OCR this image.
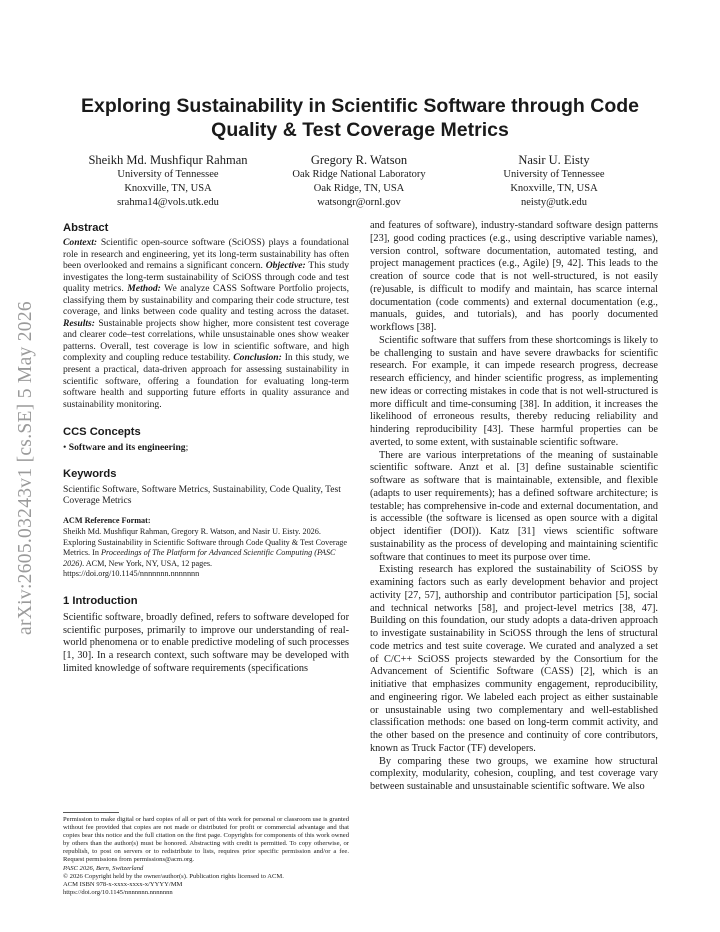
arXiv:2605.03243v1 [cs.SE] 5 May 2026
Exploring Sustainability in Scientific Software through Code Quality & Test Coverage Metrics
Sheikh Md. Mushfiqur Rahman
University of Tennessee
Knoxville, TN, USA
srahma14@vols.utk.edu
Gregory R. Watson
Oak Ridge National Laboratory
Oak Ridge, TN, USA
watsongr@ornl.gov
Nasir U. Eisty
University of Tennessee
Knoxville, TN, USA
neisty@utk.edu

Abstract

Context: Scientific open-source software (SciOSS) plays a foundational role in research and engineering, yet its long-term sustainability has often been overlooked and remains a significant concern. Objective: This study investigates the long-term sustainability of SciOSS through code and test quality metrics. Method: We analyze CASS Software Portfolio projects, classifying them by sustainability and comparing their code structure, test coverage, and links between code quality and testing across the dataset. Results: Sustainable projects show higher, more consistent test coverage and clearer code–test correlations, while unsustainable ones show weaker patterns. Overall, test coverage is low in scientific software, and high complexity and coupling reduce testability. Conclusion: In this study, we present a practical, data-driven approach for assessing sustainability in scientific software, offering a foundation for evaluating long-term software health and supporting future efforts in quality assurance and sustainability monitoring.

CCS Concepts

• Software and its engineering;

Keywords

Scientific Software, Software Metrics, Sustainability, Code Quality, Test Coverage Metrics

ACM Reference Format:

Sheikh Md. Mushfiqur Rahman, Gregory R. Watson, and Nasir U. Eisty. 2026. Exploring Sustainability in Scientific Software through Code Quality & Test Coverage Metrics. In Proceedings of The Platform for Advanced Scientific Computing (PASC 2026). ACM, New York, NY, USA, 12 pages. https://doi.org/10.1145/nnnnnnn.nnnnnnn

1 Introduction

Scientific software, broadly defined, refers to software developed for scientific purposes, primarily to improve our understanding of real-world phenomena or to enable predictive modeling of such processes [1, 30]. In a research context, such software may be developed with limited knowledge of software requirements (specifications

Permission to make digital or hard copies of all or part of this work for personal or classroom use is granted without fee provided that copies are not made or distributed for profit or commercial advantage and that copies bear this notice and the full citation on the first page. Copyrights for components of this work owned by others than the author(s) must be honored. Abstracting with credit is permitted. To copy otherwise, or republish, to post on servers or to redistribute to lists, requires prior specific permission and/or a fee. Request permissions from permissions@acm.org.

PASC 2026, Bern, Switzerland

© 2026 Copyright held by the owner/author(s). Publication rights licensed to ACM.

ACM ISBN 978-x-xxxx-xxxx-x/YYYY/MM

https://doi.org/10.1145/nnnnnnn.nnnnnnn

and features of software), industry-standard software design patterns [23], good coding practices (e.g., using descriptive variable names), version control, software documentation, automated testing, and project management practices (e.g., Agile) [9, 42]. This leads to the creation of source code that is not well-structured, is not easily (re)usable, is difficult to modify and maintain, has scarce internal documentation (code comments) and external documentation (e.g., manuals, guides, and tutorials), and has poorly documented workflows [38].

Scientific software that suffers from these shortcomings is likely to be challenging to sustain and have severe drawbacks for scientific research. For example, it can impede research progress, decrease research efficiency, and hinder scientific progress, as implementing new ideas or correcting mistakes in code that is not well-structured is more difficult and time-consuming [38]. In addition, it increases the likelihood of erroneous results, thereby reducing reliability and hindering reproducibility [43]. These harmful properties can be averted, to some extent, with sustainable scientific software.

There are various interpretations of the meaning of sustainable scientific software. Anzt et al. [3] define sustainable scientific software as software that is maintainable, extensible, and flexible (adapts to user requirements); has a defined software architecture; is testable; has comprehensive in-code and external documentation, and is accessible (the software is licensed as open source with a digital object identifier (DOI)). Katz [31] views scientific software sustainability as the process of developing and maintaining scientific software that continues to meet its purpose over time.

Existing research has explored the sustainability of SciOSS by examining factors such as early development behavior and project activity [27, 57], authorship and contributor participation [5], social and technical networks [58], and project-level metrics [38, 47]. Building on this foundation, our study adopts a data-driven approach to investigate sustainability in SciOSS through the lens of structural code metrics and test suite coverage. We curated and analyzed a set of C/C++ SciOSS projects stewarded by the Consortium for the Advancement of Scientific Software (CASS) [2], which is an initiative that emphasizes community engagement, reproducibility, and engineering rigor. We labeled each project as either sustainable or unsustainable using two complementary and well-established classification methods: one based on long-term commit activity, and the other based on the presence and continuity of core contributors, known as Truck Factor (TF) developers.

By comparing these two groups, we examine how structural complexity, modularity, cohesion, coupling, and test coverage vary between sustainable and unsustainable scientific software. We also
